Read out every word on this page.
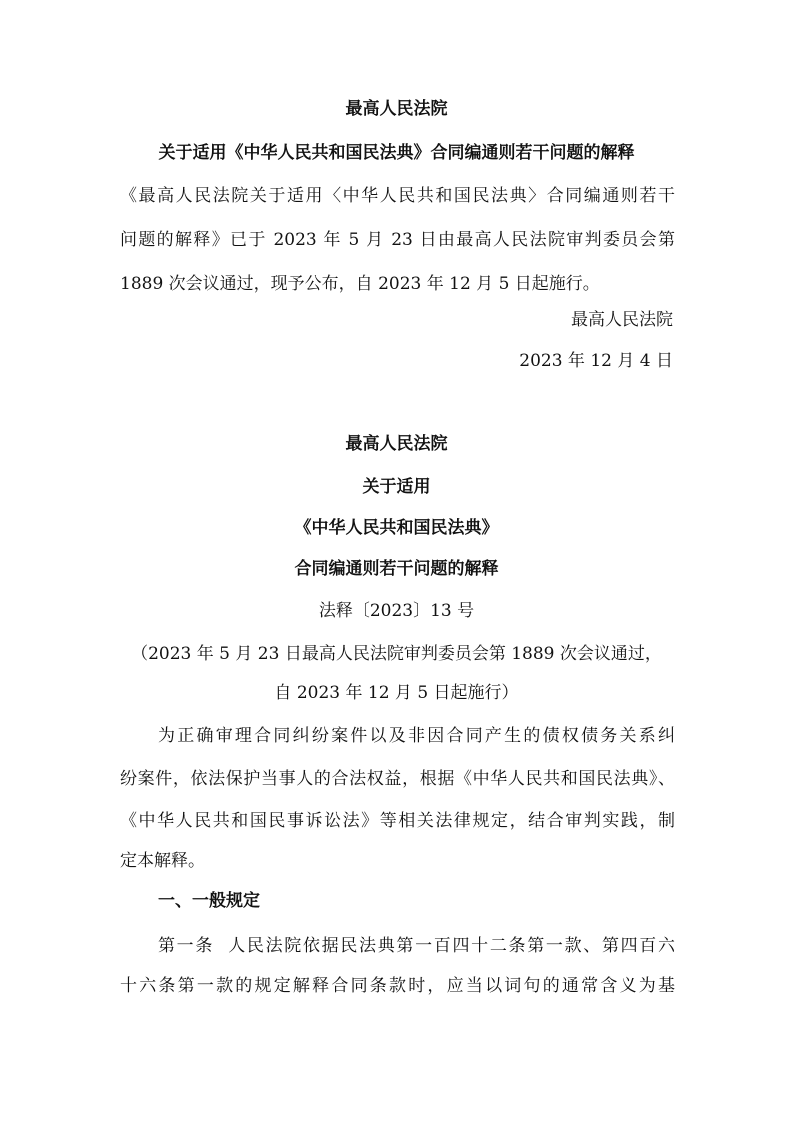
最高人民法院
关于适用《中华人民共和国民法典》合同编通则若干问题的解释
《最高人民法院关于适用〈中华人民共和国民法典〉合同编通则若干
问题的解释》已于 2023 年 5 月 23 日由最高人民法院审判委员会第
1889 次会议通过，现予公布，自 2023 年 12 月 5 日起施行。
最高人民法院
2023 年 12 月 4 日
最高人民法院
关于适用
《中华人民共和国民法典》
合同编通则若干问题的解释
法释〔2023〕13 号
（2023 年 5 月 23 日最高人民法院审判委员会第 1889 次会议通过，
自 2023 年 12 月 5 日起施行）
为正确审理合同纠纷案件以及非因合同产生的债权债务关系纠
纷案件，依法保护当事人的合法权益，根据《中华人民共和国民法典》、
《中华人民共和国民事诉讼法》等相关法律规定，结合审判实践，制
定本解释。
一、一般规定
第一条  人民法院依据民法典第一百四十二条第一款、第四百六
十六条第一款的规定解释合同条款时，应当以词句的通常含义为基
